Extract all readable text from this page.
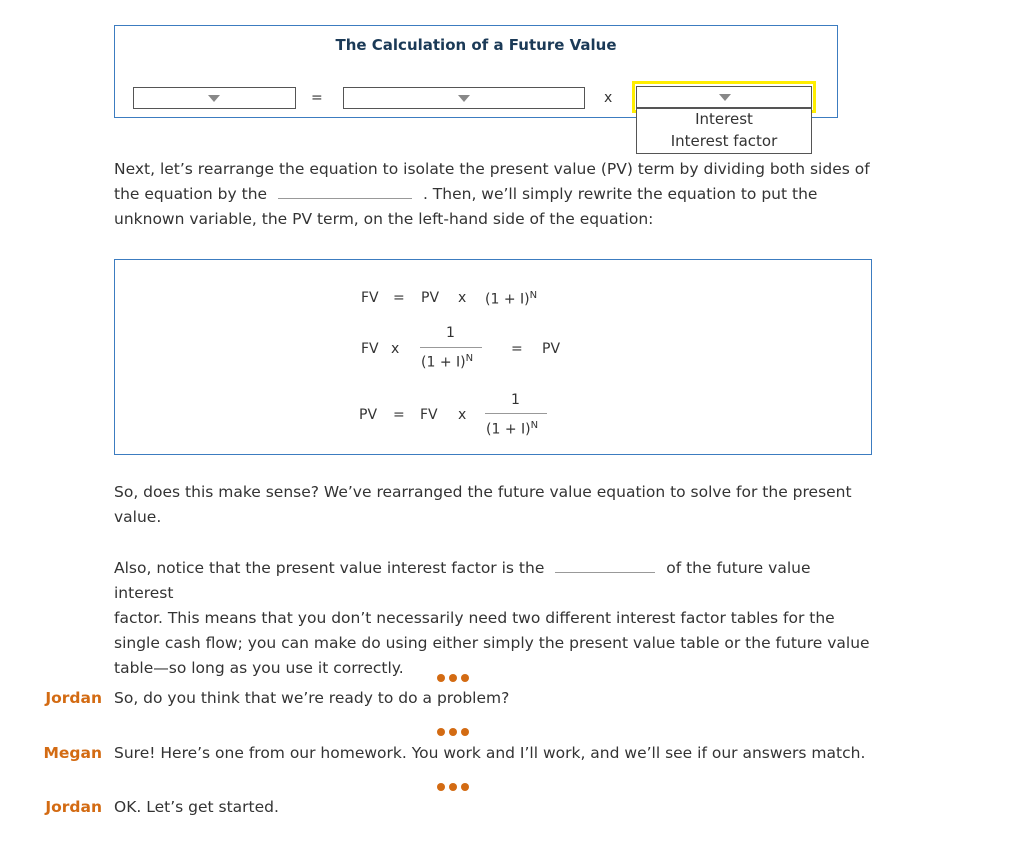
The Calculation of a Future Value
=	x
Interest
Interest factor
Next, let’s rearrange the equation to isolate the present value (PV) term by dividing both sides of
the equation by the	. Then, we’ll simply rewrite the equation to put the
unknown variable, the PV term, on the left-hand side of the equation:
FV = PV x $(1 + I)^N$
FV x
1
$(1 + I)^N$
= PV
PV = FV x
1
$(1 + I)^N$
So, does this make sense? We’ve rearranged the future value equation to solve for the present
value.
Also, notice that the present value interest factor is the	of the future value interest
factor. This means that you don’t necessarily need two different interest factor tables for the
single cash flow; you can make do using either simply the present value table or the future value
table—so long as you use it correctly.
Jordan So, do you think that we’re ready to do a problem?
Megan Sure! Here’s one from our homework. You work and I’ll work, and we’ll see if our answers match.
Jordan OK. Let’s get started.
